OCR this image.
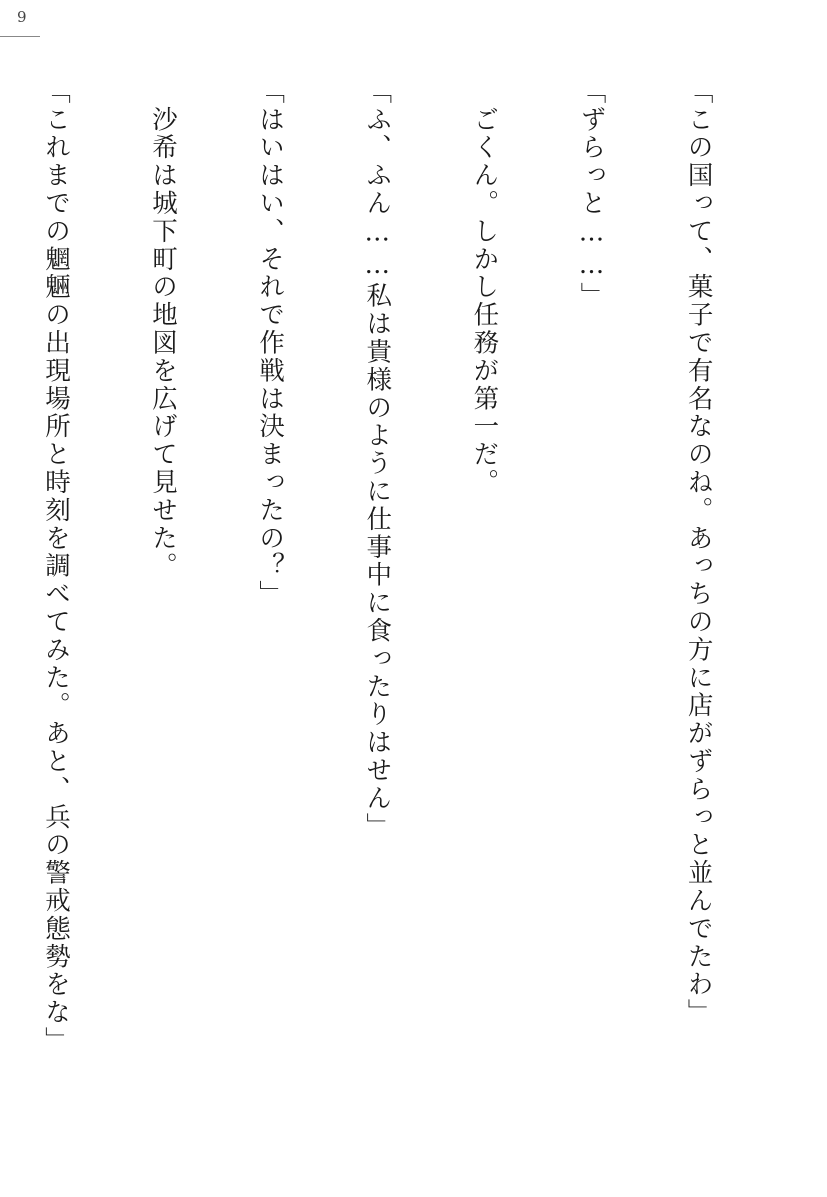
9

「この国って、菓子で有名なのね。あっちの方に店がずらっと並んでたわ」

「ずらっと……」

　ごくん。しかし任務が第一だ。

「ふ、ふん……私は貴様のように仕事中に食ったりはせん」

「はいはい、それで作戦は決まったの？」

　沙希は城下町の地図を広げて見せた。

「これまでの魍魎の出現場所と時刻を調べてみた。あと、兵の警戒態勢をな」
